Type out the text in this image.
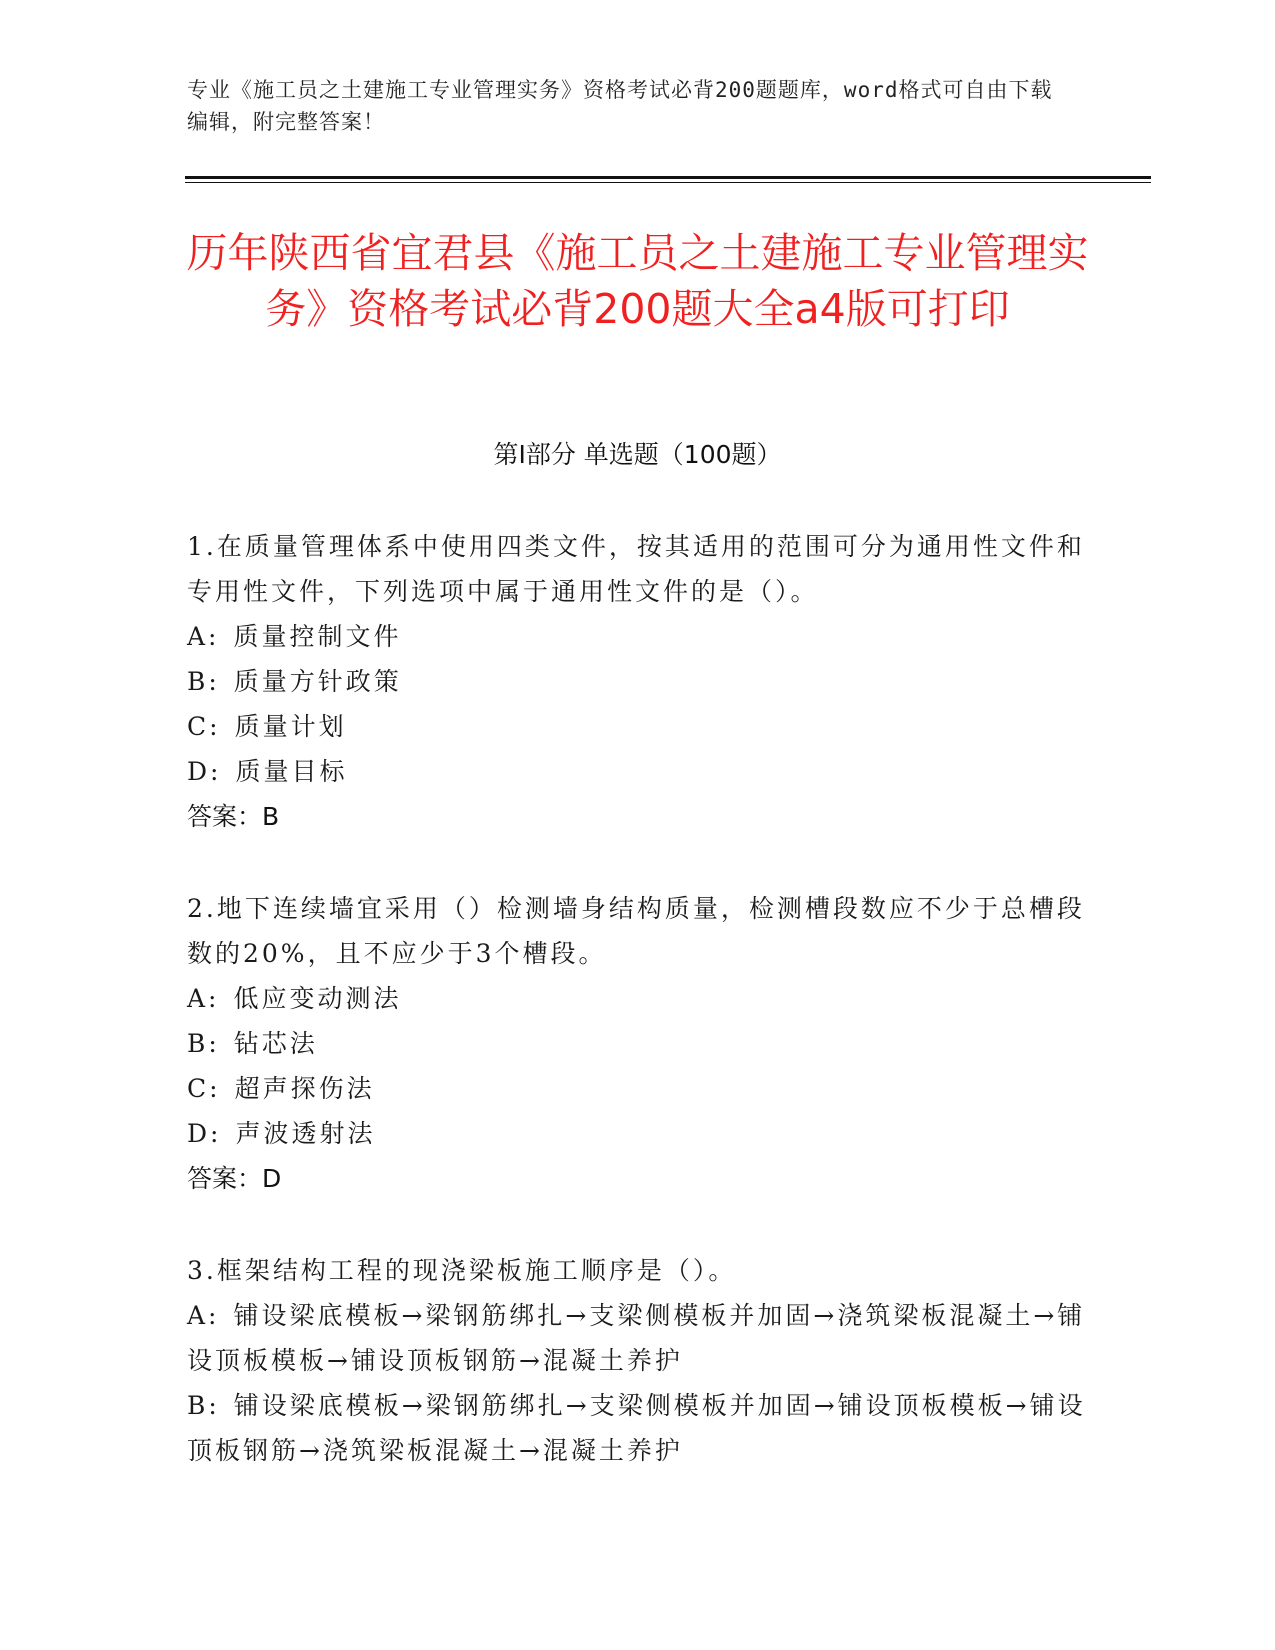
专业《施工员之土建施工专业管理实务》资格考试必背200题题库，word格式可自由下载编辑，附完整答案！
历年陕西省宜君县《施工员之土建施工专业管理实务》资格考试必背200题大全a4版可打印
第I部分 单选题（100题）
1.在质量管理体系中使用四类文件，按其适用的范围可分为通用性文件和专用性文件，下列选项中属于通用性文件的是（）。
A: 质量控制文件
B: 质量方针政策
C: 质量计划
D: 质量目标
答案：B
2.地下连续墙宜采用（）检测墙身结构质量，检测槽段数应不少于总槽段数的20%，且不应少于3个槽段。
A: 低应变动测法
B: 钻芯法
C: 超声探伤法
D: 声波透射法
答案：D
3.框架结构工程的现浇梁板施工顺序是（）。
A: 铺设梁底模板→梁钢筋绑扎→支梁侧模板并加固→浇筑梁板混凝土→铺设顶板模板→铺设顶板钢筋→混凝土养护
B: 铺设梁底模板→梁钢筋绑扎→支梁侧模板并加固→铺设顶板模板→铺设顶板钢筋→浇筑梁板混凝土→混凝土养护
